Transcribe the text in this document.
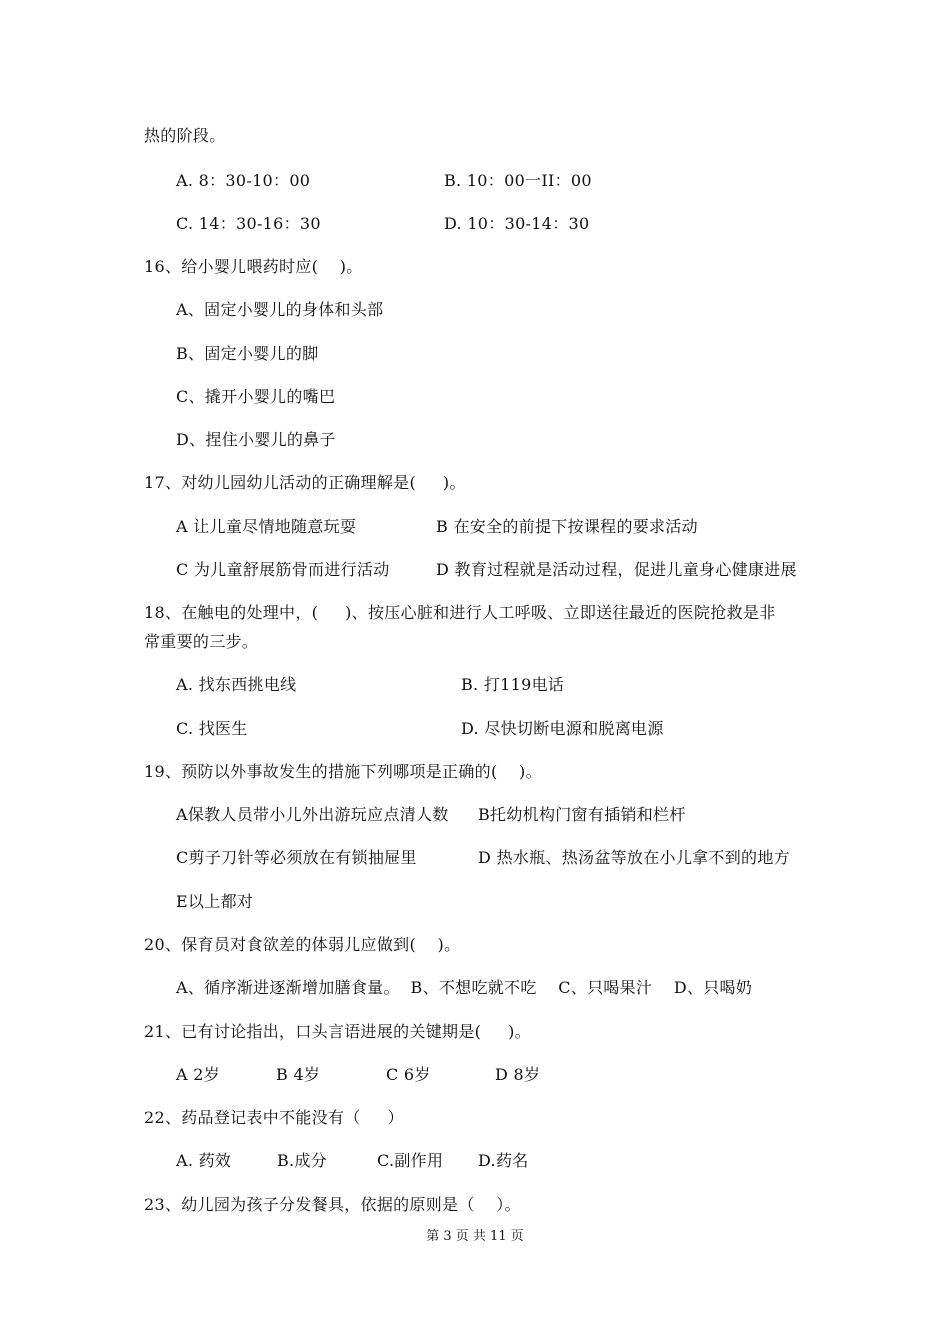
热的阶段。
A. 8：30-10：00	B. 10：00一II：00
C. 14：30-16：30	D. 10：30-14：30
16、给小婴儿喂药时应(    )。
A、固定小婴儿的身体和头部
B、固定小婴儿的脚
C、撬开小婴儿的嘴巴
D、捏住小婴儿的鼻子
17、对幼儿园幼儿活动的正确理解是(     )。
A 让儿童尽情地随意玩耍	B 在安全的前提下按课程的要求活动
C 为儿童舒展筋骨而进行活动	D 教育过程就是活动过程，促进儿童身心健康进展
18、在触电的处理中，(     )、按压心脏和进行人工呼吸、立即送往最近的医院抢救是非
常重要的三步。
A. 找东西挑电线	B. 打119电话
C. 找医生	D. 尽快切断电源和脱离电源
19、预防以外事故发生的措施下列哪项是正确的(    )。
A保教人员带小儿外出游玩应点清人数 B托幼机构门窗有插销和栏杆
C剪子刀针等必须放在有锁抽屉里	D 热水瓶、热汤盆等放在小儿拿不到的地方
E以上都对
20、保育员对食欲差的体弱儿应做到(    )。
A、循序渐进逐渐增加膳食量。  B、不想吃就不吃    C、只喝果汁    D、只喝奶
21、已有讨论指出，口头言语进展的关键期是(     )。
A 2岁	B 4岁	C 6岁	D 8岁
22、药品登记表中不能没有（     ）
A. 药效	B.成分	C.副作用 D.药名
23、幼儿园为孩子分发餐具，依据的原则是（    ）。
第 3 页 共 11 页
